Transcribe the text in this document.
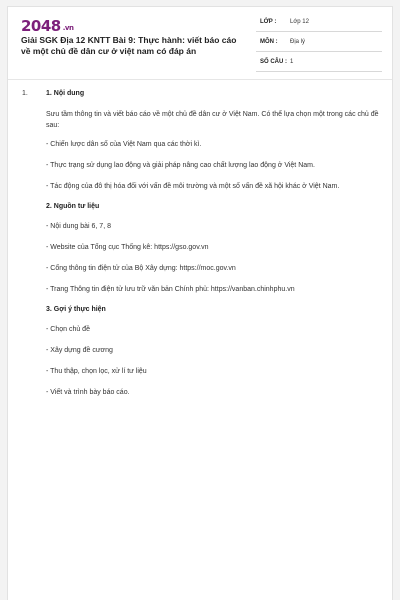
2048 .vn
Giải SGK Địa 12 KNTT Bài 9: Thực hành: viết báo cáo về một chủ đề dân cư ở việt nam có đáp án
LỚP : Lớp 12
MÔN : Địa lý
SỐ CÂU : 1
1.	1. Nội dung
Sưu tầm thông tin và viết báo cáo về một chủ đề dân cư ở Việt Nam. Có thể lựa chọn một trong các chủ đề sau:
- Chiến lược dân số của Việt Nam qua các thời kì.
- Thực trạng sử dụng lao động và giải pháp nâng cao chất lượng lao động ở Việt Nam.
- Tác động của đô thị hóa đối với vấn đề môi trường và một số vấn đề xã hội khác ở Việt Nam.
2. Nguồn tư liệu
- Nội dung bài 6, 7, 8
- Website của Tổng cục Thống kê: https://gso.gov.vn
- Cổng thông tin điện tử của Bộ Xây dựng: https://moc.gov.vn
- Trang Thông tin điện tử lưu trữ văn bản Chính phủ: https://vanban.chinhphu.vn
3. Gợi ý thực hiện
- Chọn chủ đề
- Xây dựng đề cương
- Thu thập, chọn lọc, xử lí tư liệu
- Viết và trình bày báo cáo.
